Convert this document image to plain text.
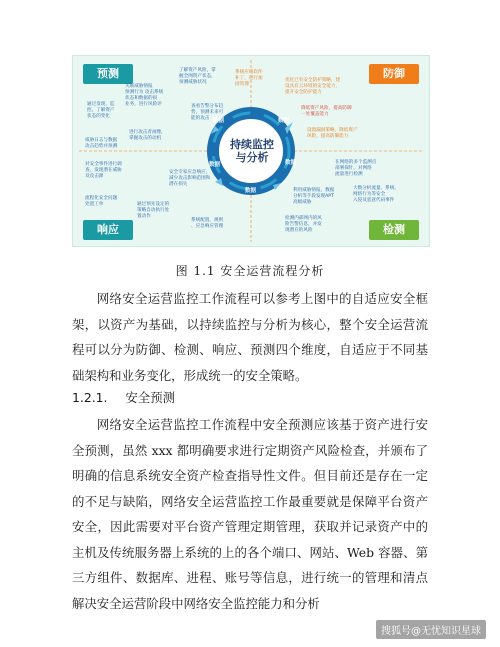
预测	防御
响应	检测
持续监控
与分析
数据	数据
数据
数据
数据
关联威胁情报
预测行为 攻击系统
状态和数据的损
业务，进行风险评
通过发现、监
控、了解资产
状态的变化
进行攻击者画像，
掌握攻击的动机
威胁日志与数据
攻击趋势并预测
了解资产风险，掌
握全网资产状态，
预测威胁状况
查看告警分布趋
势，预测未来可
能的攻击
系统应用软件
补丁，进行加
固管理
优化已有安全防护策略，建
设具有云环境的安全能力，
提升安全防护能力
降低资产风险，提高防御
一处覆盖能力
设置漏洞策略，降低资产
风险，提高防御能力
对安全事件进行调
查，发现潜在威胁
及攻击源
安全专家应急响应，
减少攻击影响范围和
潜在损失
流程化安全问题
处置工单	通过预先设定的
策略自动执行处
置动作
系统配置、规则
、应急响应管理
在网络的多个监测点
部署探针，对网络
流量进行检测
利用威胁情报、数据
分析等手段发现APT
高级威胁
大数分析流量、系统、
网络行为等安全
入侵及恶意代码事件
检测内部网内的风
险告警信息，并发
现潜在的风险
图 1.1 安全运营流程分析

网络安全运营监控工作流程可以参考上图中的自适应安全框架，以资产为基础，以持续监控与分析为核心，整个安全运营流程可以分为防御、检测、响应、预测四个维度，自适应于不同基础架构和业务变化，形成统一的安全策略。

1.2.1. 安全预测

网络安全运营监控工作流程中安全预测应该基于资产进行安全预测，虽然 xxx 都明确要求进行定期资产风险检查，并颁布了明确的信息系统安全资产检查指导性文件。但目前还是存在一定的不足与缺陷，网络安全运营监控工作最重要就是保障平台资产安全，因此需要对平台资产管理定期管理，获取并记录资产中的主机及传统服务器上系统的上的各个端口、网站、Web 容器、第三方组件、数据库、进程、账号等信息，进行统一的管理和清点解决安全运营阶段中网络安全监控能力和分析

搜狐号@无忧知识星球
